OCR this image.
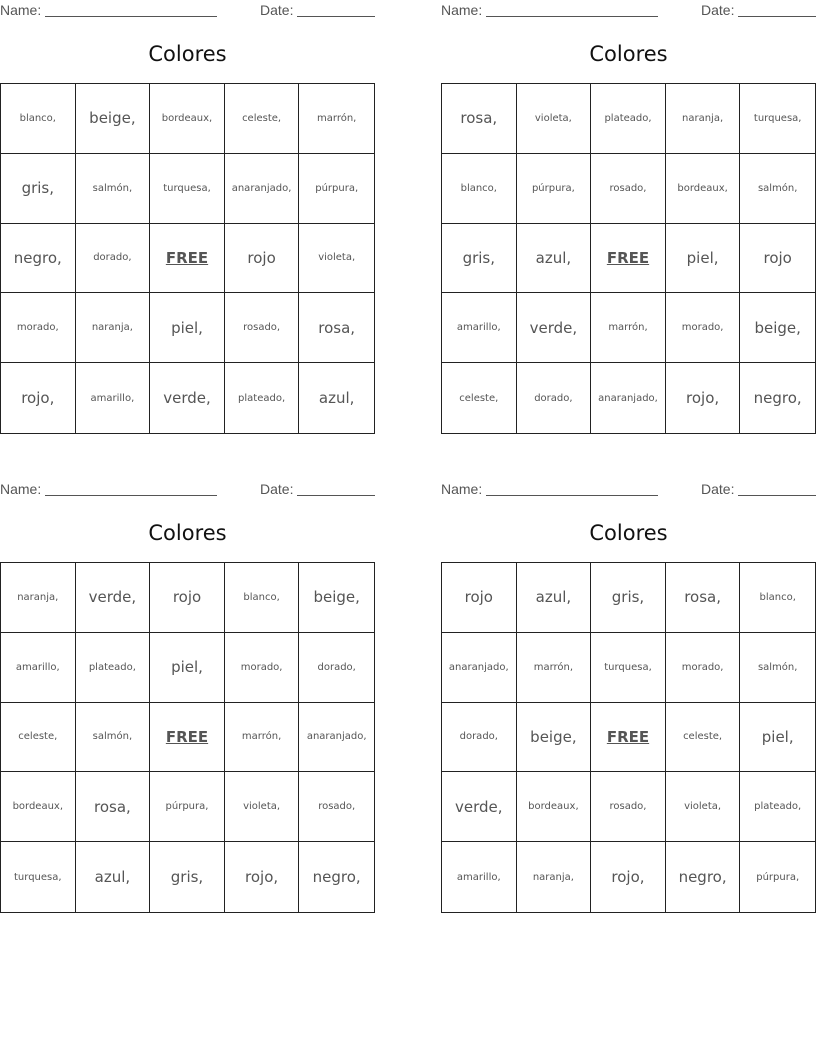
Name:	Date:
Colores
blanco,	beige,	bordeaux,	celeste,	marrón,
gris,	salmón,	turquesa,	anaranjado,	púrpura,
negro,	dorado,	FREE	rojo	violeta,
morado,	naranja,	piel,	rosado,	rosa,
rojo,	amarillo,	verde,	plateado,	azul,
Name:	Date:
Colores
rosa,	violeta,	plateado,	naranja,	turquesa,
blanco,	púrpura,	rosado,	bordeaux,	salmón,
gris,	azul,	FREE	piel,	rojo
amarillo,	verde,	marrón,	morado,	beige,
celeste,	dorado,	anaranjado,	rojo,	negro,
Name:	Date:
Colores
naranja,	verde,	rojo	blanco,	beige,
amarillo,	plateado,	piel,	morado,	dorado,
celeste,	salmón,	FREE	marrón,	anaranjado,
bordeaux,	rosa,	púrpura,	violeta,	rosado,
turquesa,	azul,	gris,	rojo,	negro,
Name:	Date:
Colores
rojo	azul,	gris,	rosa,	blanco,
anaranjado,	marrón,	turquesa,	morado,	salmón,
dorado,	beige,	FREE	celeste,	piel,
verde,	bordeaux,	rosado,	violeta,	plateado,
amarillo,	naranja,	rojo,	negro,	púrpura,
